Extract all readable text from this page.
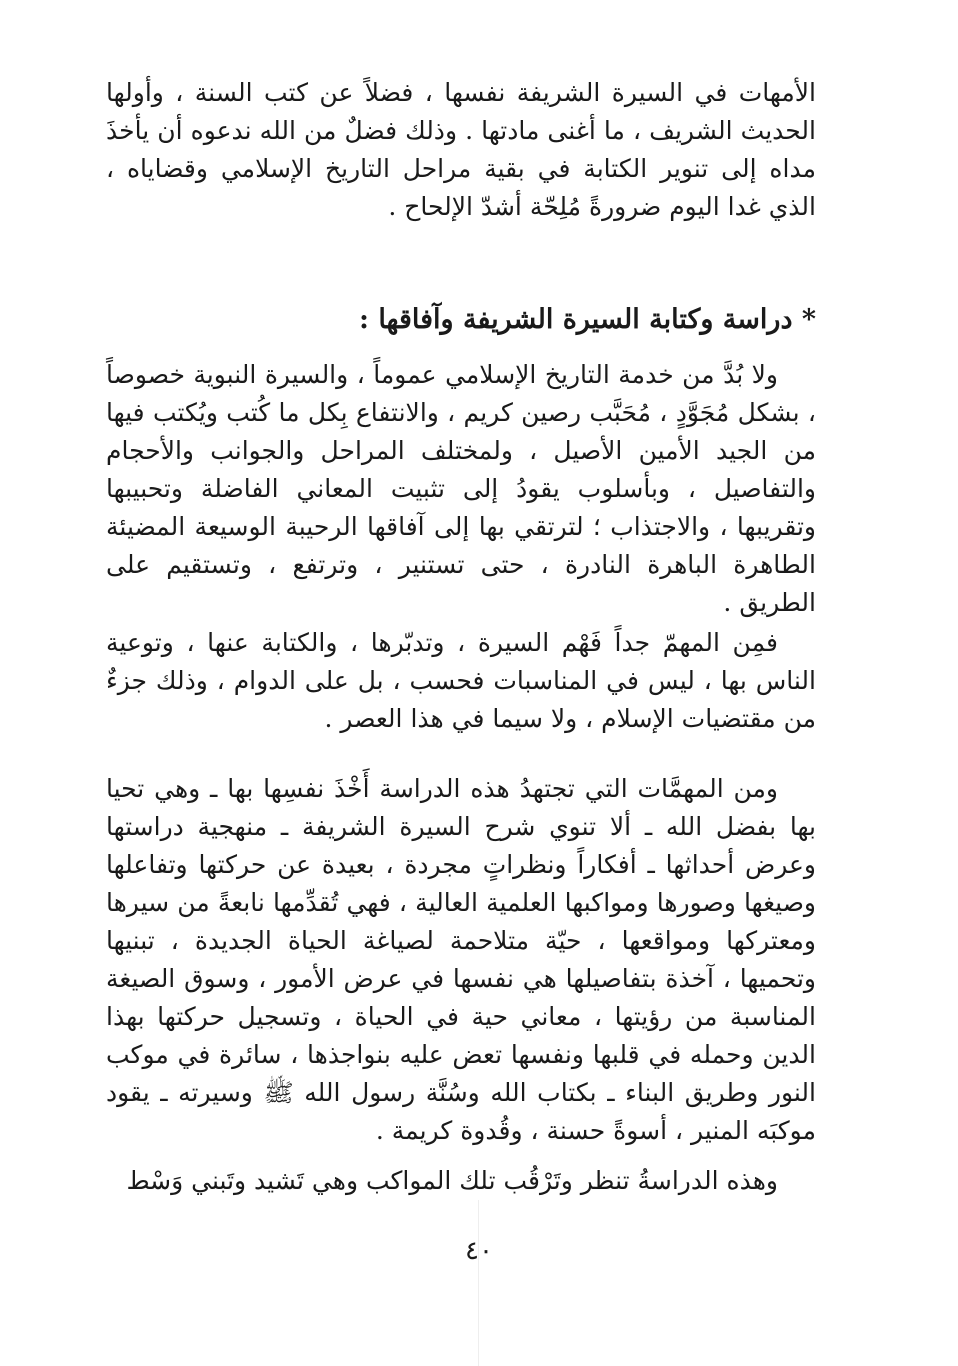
الأمهات في السيرة الشريفة نفسها ، فضلاً عن كتب السنة ، وأولها الحديث الشريف ، ما أغنى مادتها . وذلك فضلٌ من الله ندعوه أن يأخذَ مداه إلى تنوير الكتابة في بقية مراحل التاريخ الإسلامي وقضاياه ، الذي غدا اليوم ضرورةً مُلِحّة أشدّ الإلحاح .

* دراسة وكتابة السيرة الشريفة وآفاقها :

ولا بُدَّ من خدمة التاريخ الإسلامي عموماً ، والسيرة النبوية خصوصاً ، بشكل مُجَوَّدٍ ، مُحَبَّب رصين كريم ، والانتفاع بِكل ما كُتب ويُكتب فيها من الجيد الأمين الأصيل ، ولمختلف المراحل والجوانب والأحجام والتفاصيل ، وبأسلوب يقودُ إلى تثبيت المعاني الفاضلة وتحبيبها وتقريبها ، والاجتذاب ؛ لترتقي بها إلى آفاقها الرحيبة الوسيعة المضيئة الطاهرة الباهرة النادرة ، حتى تستنير ، وترتفع ، وتستقيم على الطريق .

فمِن المهمّ جداً فَهْم السيرة ، وتدبّرها ، والكتابة عنها ، وتوعية الناس بها ، ليس في المناسبات فحسب ، بل على الدوام ، وذلك جزءٌ من مقتضيات الإسلام ، ولا سيما في هذا العصر .

ومن المهمَّات التي تجتهدُ هذه الدراسة أَخْذَ نفسِها بها ـ وهي تحيا بها بفضل الله ـ ألا تنوي شرح السيرة الشريفة ـ منهجية دراستها وعرض أحداثها ـ أفكاراً ونظراتٍ مجردة ، بعيدة عن حركتها وتفاعلها وصيغها وصورها ومواكبها العلمية العالية ، فهي تُقدِّمها نابعةً من سيرها ومعتركها ومواقعها ، حيّة متلاحمة لصياغة الحياة الجديدة ، تبنيها وتحميها ، آخذة بتفاصيلها هي نفسها في عرض الأمور ، وسوق الصيغة المناسبة من رؤيتها ، معاني حية في الحياة ، وتسجيل حركتها بهذا الدين وحمله في قلبها ونفسها تعض عليه بنواجذها ، سائرة في موكب النور وطريق البناء ـ بكتاب الله وسُنَّة رسول الله ﷺ وسيرته ـ يقود موكبَه المنير ، أسوةً حسنة ، وقُدوة كريمة .

وهذه الدراسةُ تنظر وتَرْقُب تلك المواكب وهي تَشيد وتَبني وَسْط

٤٠
